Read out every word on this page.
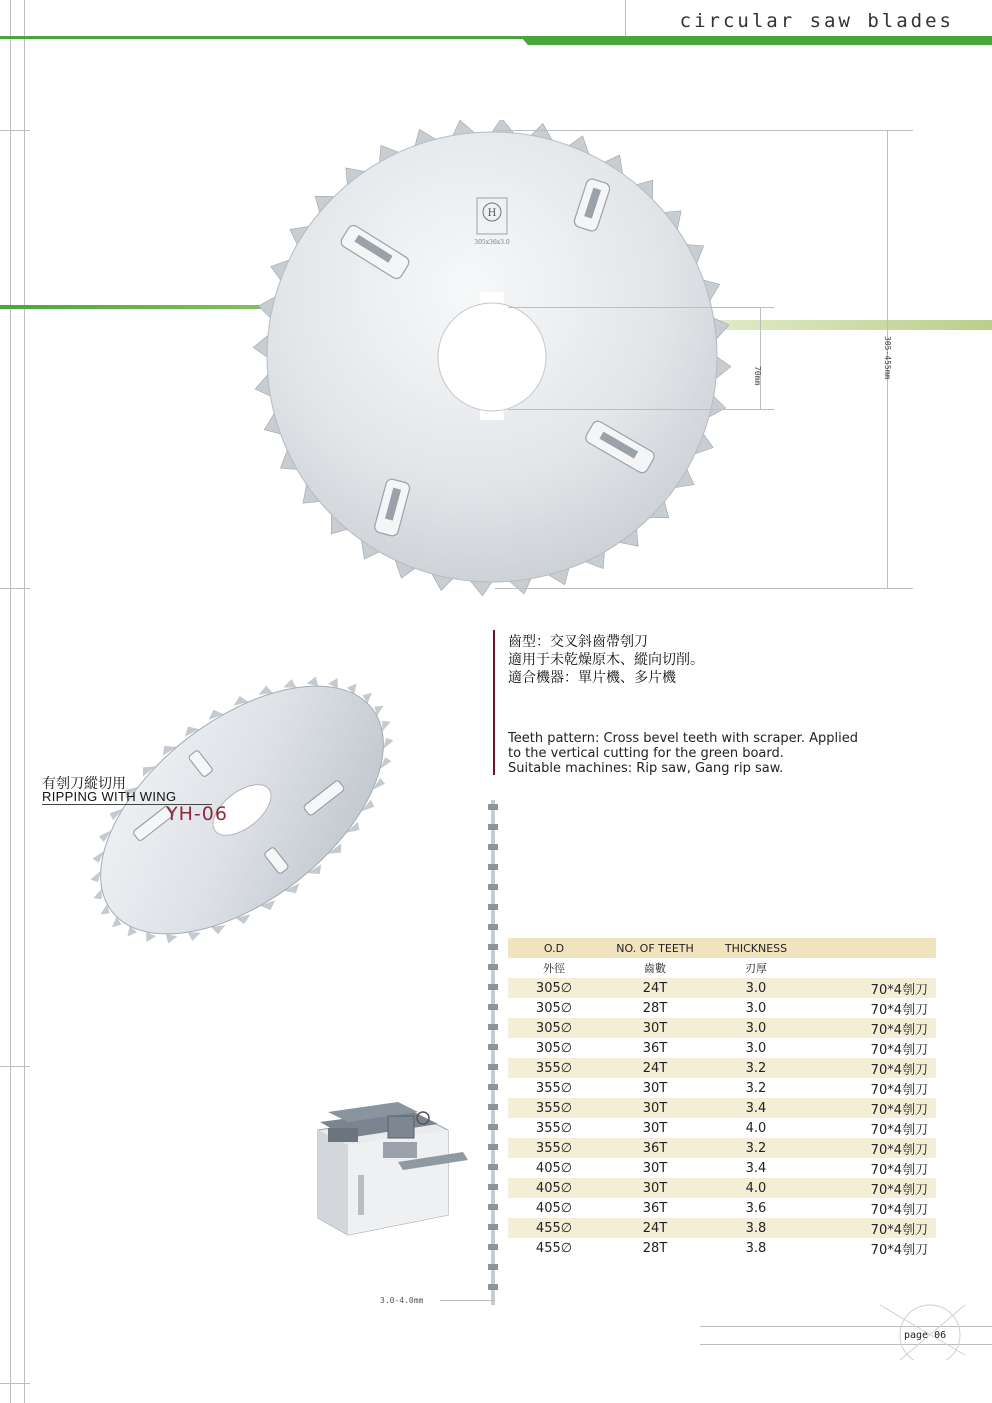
circular saw blades
H
305x36x3.0
70mm	305-455mm
齒型：交叉斜齒帶刳刀
適用于未乾燥原木、縱向切削。
適合機器：單片機、多片機
Teeth pattern: Cross bevel teeth with scraper. Applied
to the vertical cutting for the green board.
Suitable machines: Rip saw, Gang rip saw.
有刳刀縱切用
RIPPING WITH WING
YH-06
3.0-4.0mm
O.D	NO. OF TEETH	THICKNESS	
外徑	齒數	刃厚	
305∅	24T	3.0	70*4刳刀
305∅	28T	3.0	70*4刳刀
305∅	30T	3.0	70*4刳刀
305∅	36T	3.0	70*4刳刀
355∅	24T	3.2	70*4刳刀
355∅	30T	3.2	70*4刳刀
355∅	30T	3.4	70*4刳刀
355∅	30T	4.0	70*4刳刀
355∅	36T	3.2	70*4刳刀
405∅	30T	3.4	70*4刳刀
405∅	30T	4.0	70*4刳刀
405∅	36T	3.6	70*4刳刀
455∅	24T	3.8	70*4刳刀
455∅	28T	3.8	70*4刳刀
page 06
